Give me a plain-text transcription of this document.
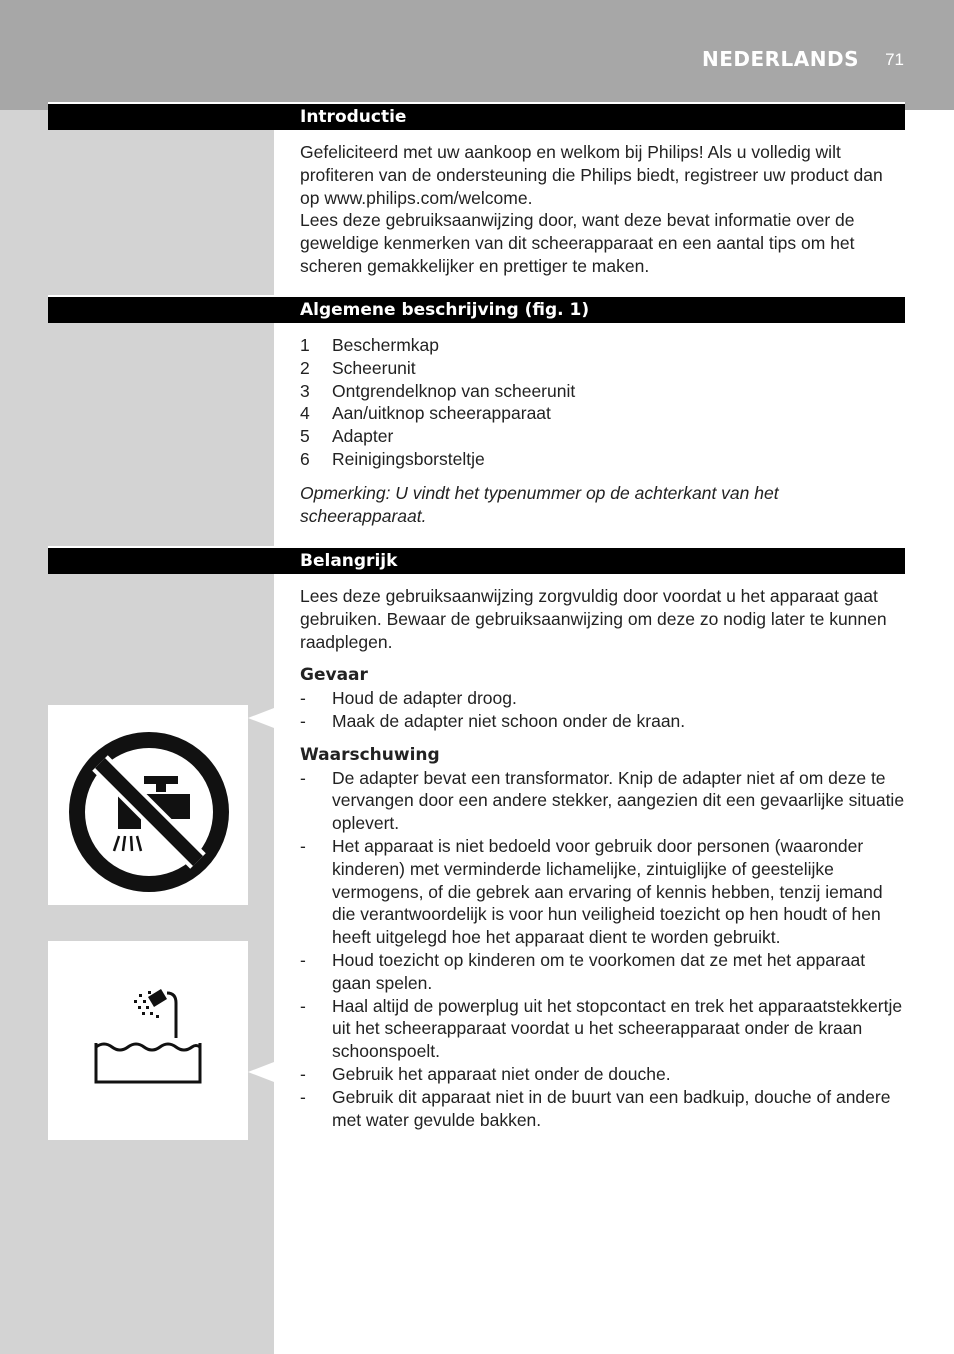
NEDERLANDS 71
Introductie

Gefeliciteerd met uw aankoop en welkom bij Philips! Als u volledig wilt profiteren van de ondersteuning die Philips biedt, registreer uw product dan op www.philips.com/welcome.

Lees deze gebruiksaanwijzing door, want deze bevat informatie over de geweldige kenmerken van dit scheerapparaat en een aantal tips om het scheren gemakkelijker en prettiger te maken.

Algemene beschrijving (fig. 1)
1	Beschermkap
2	Scheerunit
3	Ontgrendelknop van scheerunit
4	Aan/uitknop scheerapparaat
5	Adapter
6	Reinigingsborsteltje

Opmerking: U vindt het typenummer op de achterkant van het scheerapparaat.

Belangrijk

Lees deze gebruiksaanwijzing zorgvuldig door voordat u het apparaat gaat gebruiken. Bewaar de gebruiksaanwijzing om deze zo nodig later te kunnen raadplegen.

Gevaar

-	Houd de adapter droog.
-	Maak de adapter niet schoon onder de kraan.

Waarschuwing

-	De adapter bevat een transformator. Knip de adapter niet af om deze te vervangen door een andere stekker, aangezien dit een gevaarlijke situatie oplevert.
-	Het apparaat is niet bedoeld voor gebruik door personen (waaronder kinderen) met verminderde lichamelijke, zintuiglijke of geestelijke vermogens, of die gebrek aan ervaring of kennis hebben, tenzij iemand die verantwoordelijk is voor hun veiligheid toezicht op hen houdt of hen heeft uitgelegd hoe het apparaat dient te worden gebruikt.
-	Houd toezicht op kinderen om te voorkomen dat ze met het apparaat gaan spelen.
-	Haal altijd de powerplug uit het stopcontact en trek het apparaatstekkertje uit het scheerapparaat voordat u het scheerapparaat onder de kraan schoonspoelt.
-	Gebruik het apparaat niet onder de douche.
-	Gebruik dit apparaat niet in de buurt van een badkuip, douche of andere met water gevulde bakken.
